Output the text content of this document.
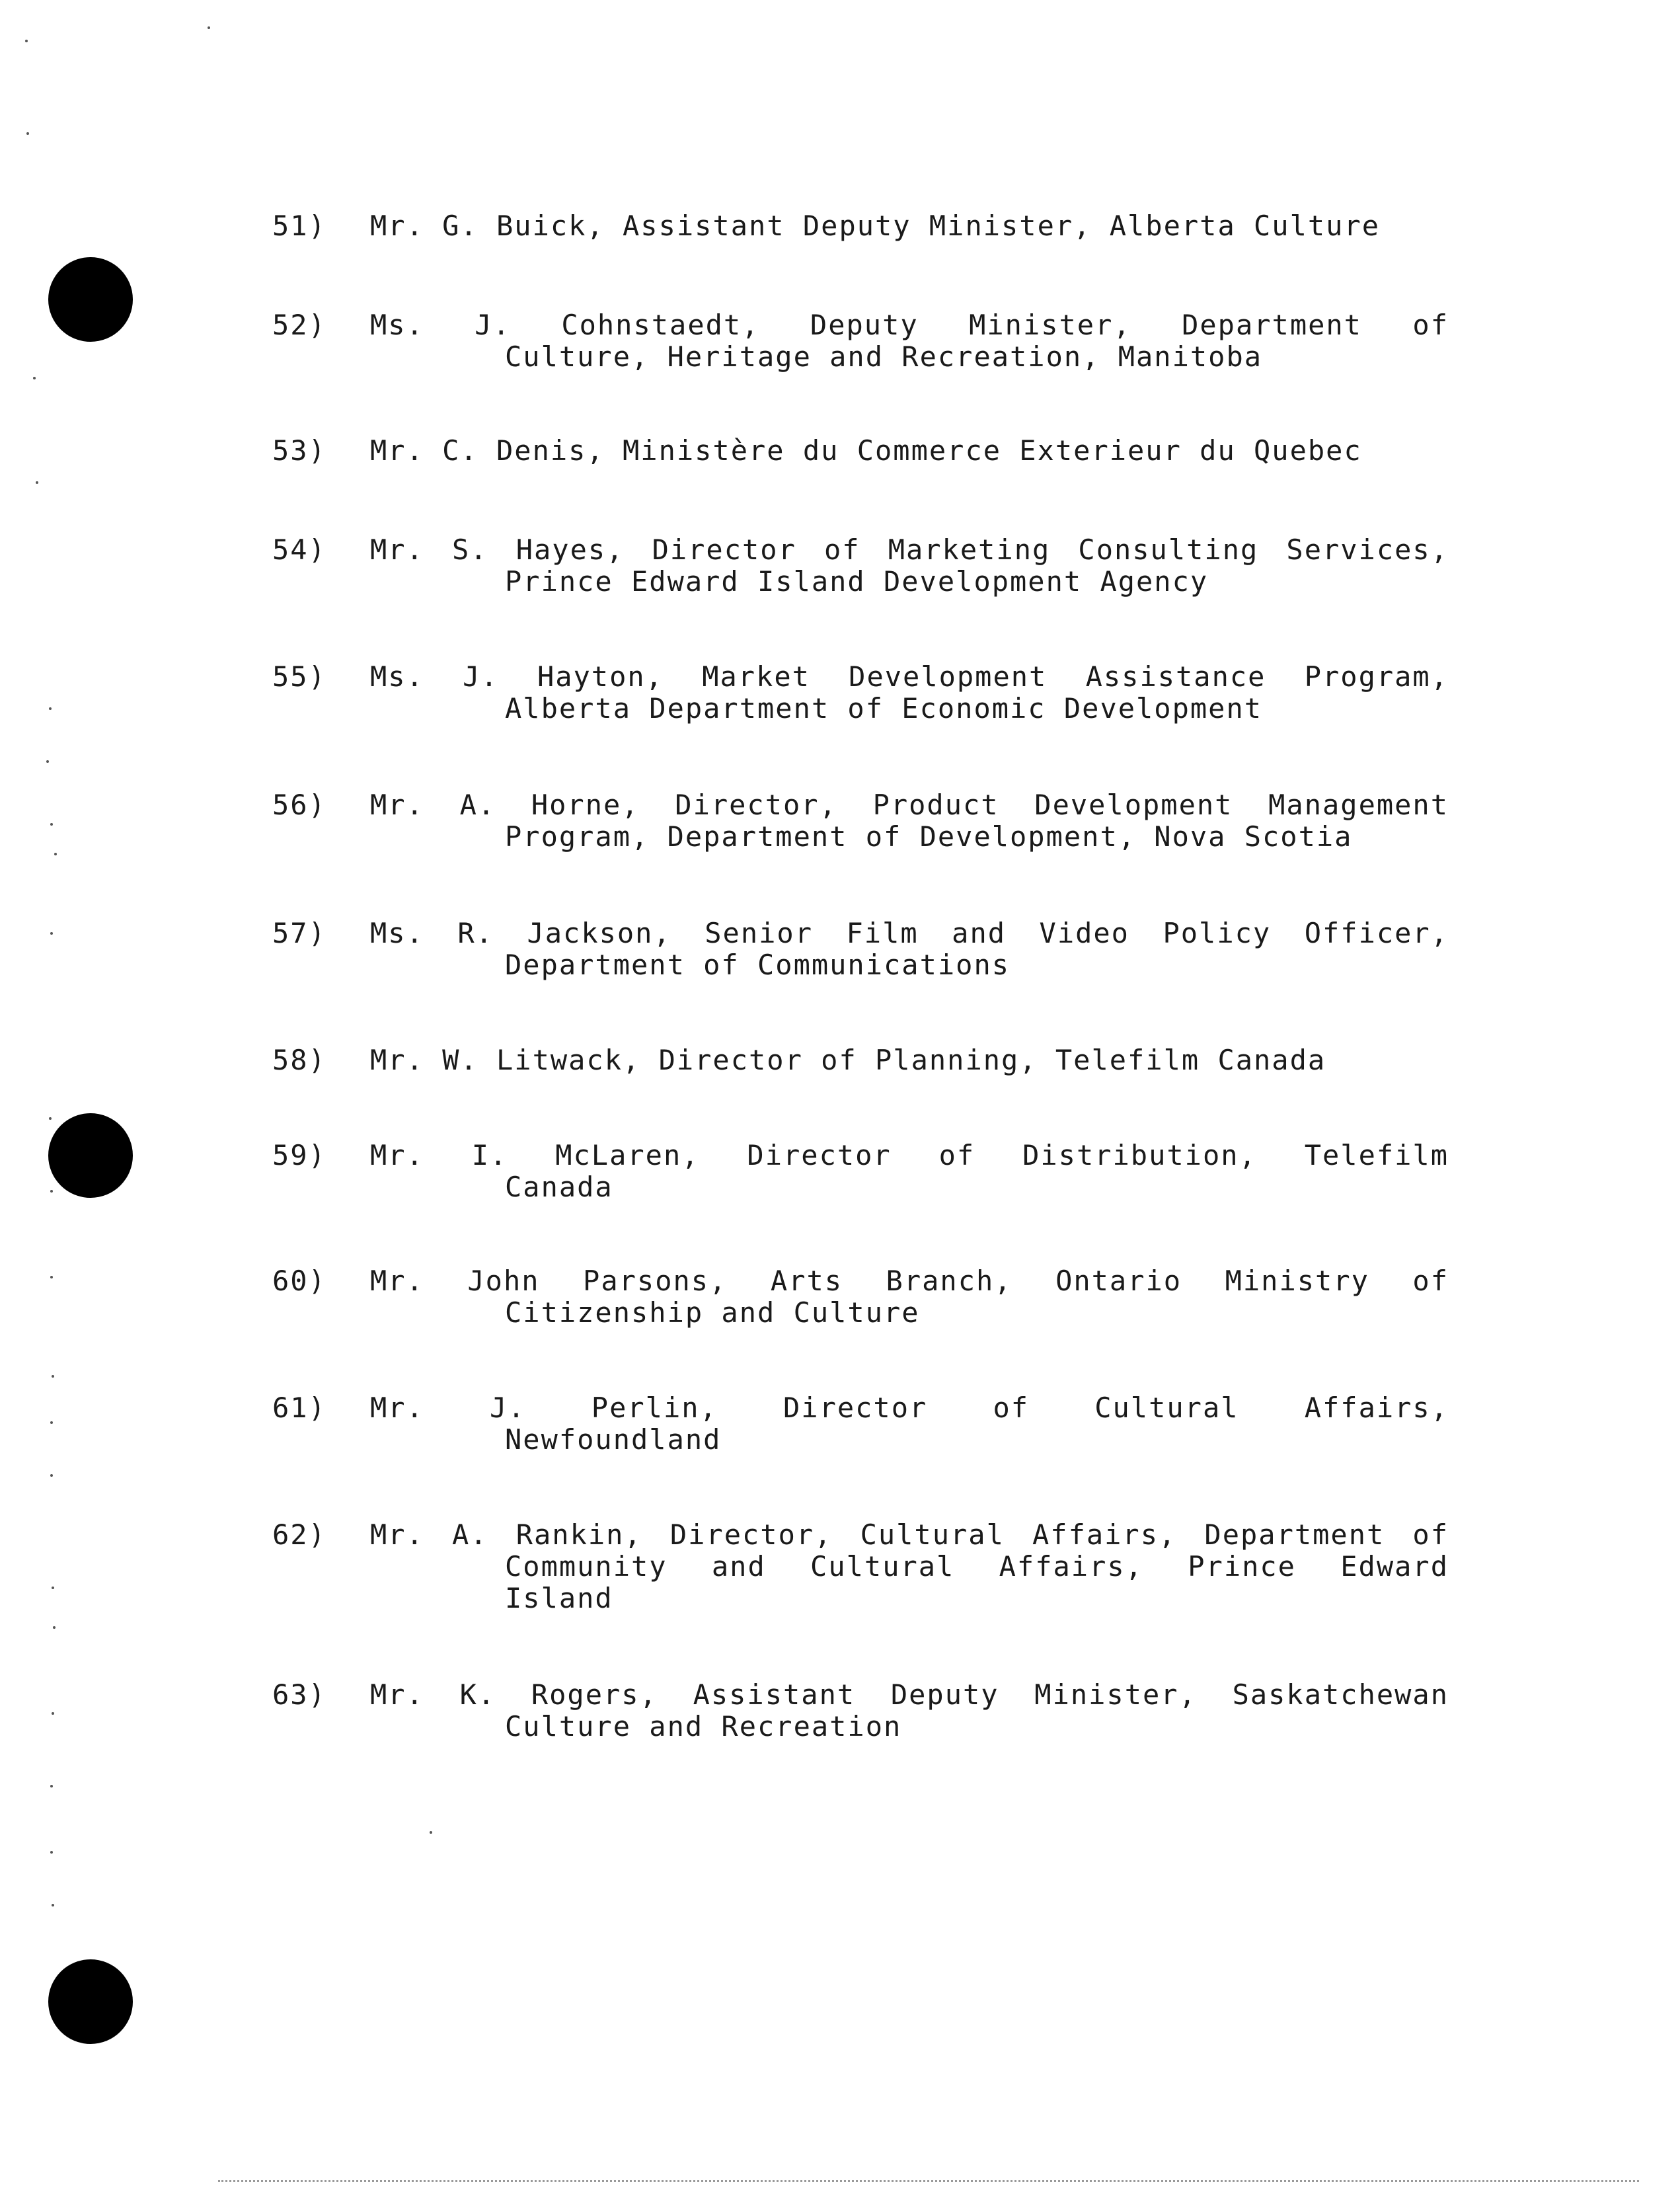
51)	Mr. G. Buick, Assistant Deputy Minister, Alberta Culture
52)	Ms. J. Cohnstaedt, Deputy Minister, Department of
Culture, Heritage and Recreation, Manitoba
53)	Mr. C. Denis, Ministère du Commerce Exterieur du Quebec
54)	Mr. S. Hayes, Director of Marketing Consulting Services,
Prince Edward Island Development Agency
55)	Ms. J. Hayton, Market Development Assistance Program,
Alberta Department of Economic Development
56)	Mr. A. Horne, Director, Product Development Management
Program, Department of Development, Nova Scotia
57)	Ms. R. Jackson, Senior Film and Video Policy Officer,
Department of Communications
58)	Mr. W. Litwack, Director of Planning, Telefilm Canada
59)	Mr. I. McLaren, Director of Distribution, Telefilm
Canada
60)	Mr. John Parsons, Arts Branch, Ontario Ministry of
Citizenship and Culture
61)	Mr. J. Perlin, Director of Cultural Affairs,
Newfoundland
62)	Mr. A. Rankin, Director, Cultural Affairs, Department of
Community and Cultural Affairs, Prince Edward
Island
63)	Mr. K. Rogers, Assistant Deputy Minister, Saskatchewan
Culture and Recreation
